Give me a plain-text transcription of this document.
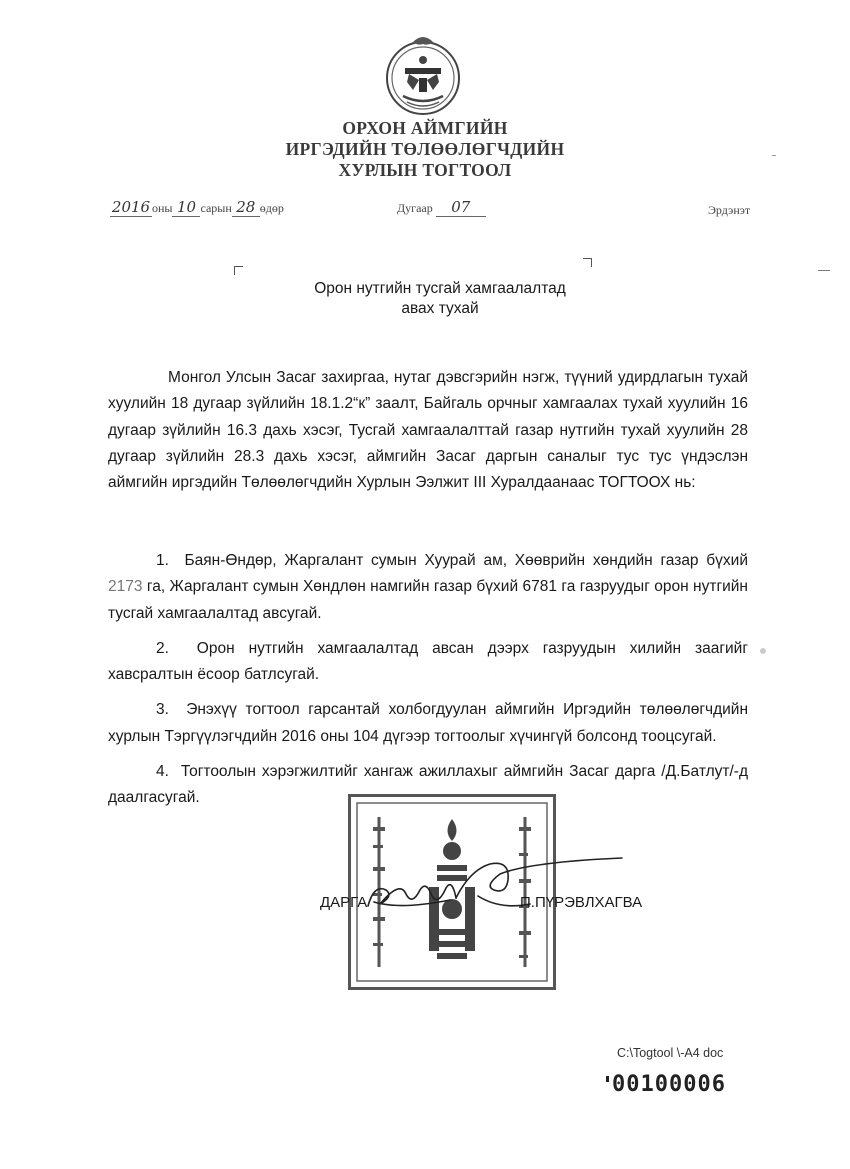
ОРХОН АЙМГИЙН
ИРГЭДИЙН ТӨЛӨӨЛӨГЧДИЙН
ХУРЛЫН ТОГТООЛ
2016 оны 10 сарын 28 өдөр	Дугаар 07	Эрдэнэт
Орон нутгийн тусгай хамгаалалтад
авах тухай

Монгол Улсын Засаг захиргаа, нутаг дэвсгэрийн нэгж, түүний удирдлагын тухай хуулийн 18 дугаар зүйлийн 18.1.2“к” заалт, Байгаль орчныг хамгаалах тухай хуулийн 16 дугаар зүйлийн 16.3 дахь хэсэг, Тусгай хамгаалалттай газар нутгийн тухай хуулийн 28 дугаар зүйлийн 28.3 дахь хэсэг, аймгийн Засаг даргын саналыг тус тус үндэслэн аймгийн иргэдийн Төлөөлөгчдийн Хурлын Ээлжит III Хуралдаанаас ТОГТООХ нь:

1. Баян-Өндөр, Жаргалант сумын Хуурай ам, Хөөврийн хөндийн газар бүхий 2173 га, Жаргалант сумын Хөндлөн намгийн газар бүхий 6781 га газруудыг орон нутгийн тусгай хамгаалалтад авсугай.

2. Орон нутгийн хамгаалалтад авсан дээрх газруудын хилийн заагийг хавсралтын ёсоор батлсугай.

3. Энэхүү тогтоол гарсантай холбогдуулан аймгийн Иргэдийн төлөөлөгчдийн хурлын Тэргүүлэгчдийн 2016 оны 104 дүгээр тогтоолыг хүчингүй болсонд тооцсугай.

4. Тогтоолын хэрэгжилтийг хангаж ажиллахыг аймгийн Засаг дарга /Д.Батлут/-д даалгасугай.

ДАРГА	П.ПҮРЭВЛХАГВА
C:\Togtool \-A4 doc
00100006
